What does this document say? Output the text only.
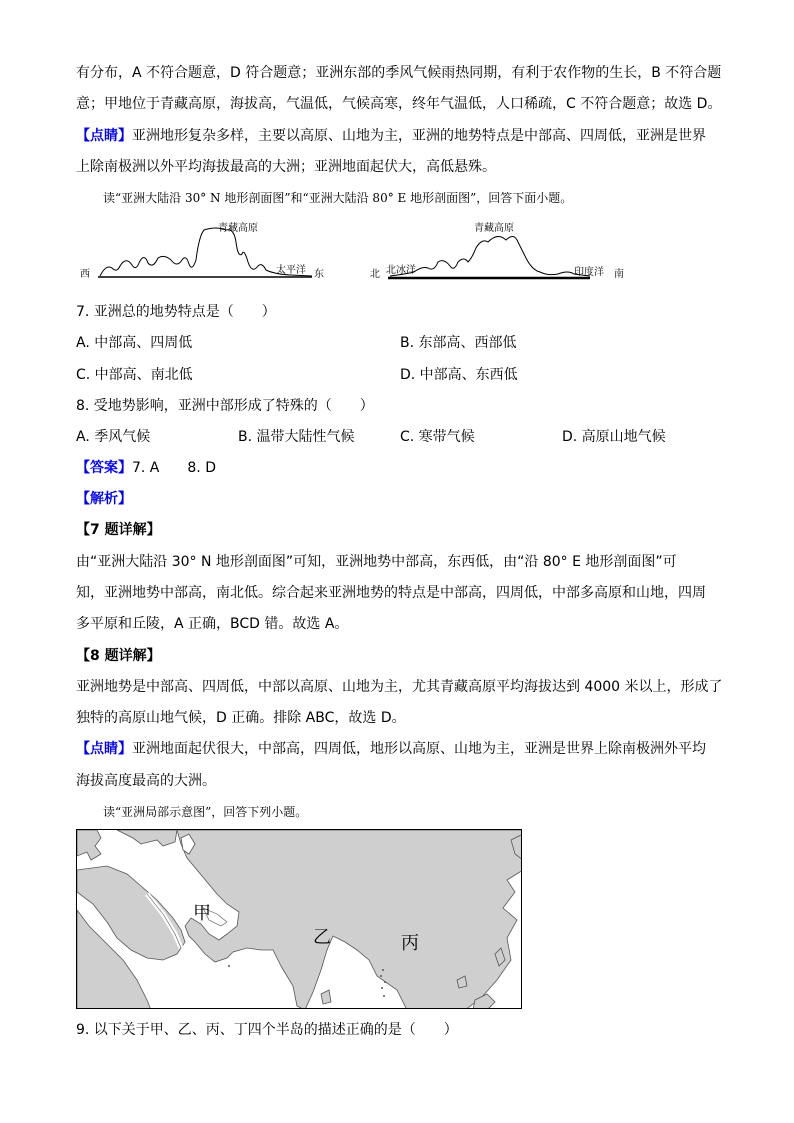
有分布，A 不符合题意，D 符合题意；亚洲东部的季风气候雨热同期，有利于农作物的生长，B 不符合题
意；甲地位于青藏高原，海拔高，气温低，气候高寒，终年气温低，人口稀疏，C 不符合题意；故选 D。
【点睛】亚洲地形复杂多样，主要以高原、山地为主，亚洲的地势特点是中部高、四周低，亚洲是世界
上除南极洲以外平均海拔最高的大洲；亚洲地面起伏大，高低悬殊。
读“亚洲大陆沿 30° N 地形剖面图”和“亚洲大陆沿 80° E 地形剖面图”，回答下面小题。
青藏高原
西	太平洋 东
青藏高原
北 北冰洋	印度洋 南
7. 亚洲总的地势特点是（　　）
A. 中部高、四周低	B. 东部高、西部低
C. 中部高、南北低	D. 中部高、东西低
8. 受地势影响，亚洲中部形成了特殊的（　　）
A. 季风气候	B. 温带大陆性气候	C. 寒带气候	D. 高原山地气候
【答案】7. A　　8. D
【解析】
【7 题详解】
由“亚洲大陆沿 30° N 地形剖面图”可知，亚洲地势中部高，东西低，由“沿 80° E 地形剖面图”可
知，亚洲地势中部高，南北低。综合起来亚洲地势的特点是中部高，四周低，中部多高原和山地，四周
多平原和丘陵，A 正确，BCD 错。故选 A。
【8 题详解】
亚洲地势是中部高、四周低，中部以高原、山地为主，尤其青藏高原平均海拔达到 4000 米以上，形成了
独特的高原山地气候，D 正确。排除 ABC，故选 D。
【点睛】亚洲地面起伏很大，中部高，四周低，地形以高原、山地为主，亚洲是世界上除南极洲外平均
海拔高度最高的大洲。
读“亚洲局部示意图”，回答下列小题。
甲
乙	丙
9. 以下关于甲、乙、丙、丁四个半岛的描述正确的是（　　）
